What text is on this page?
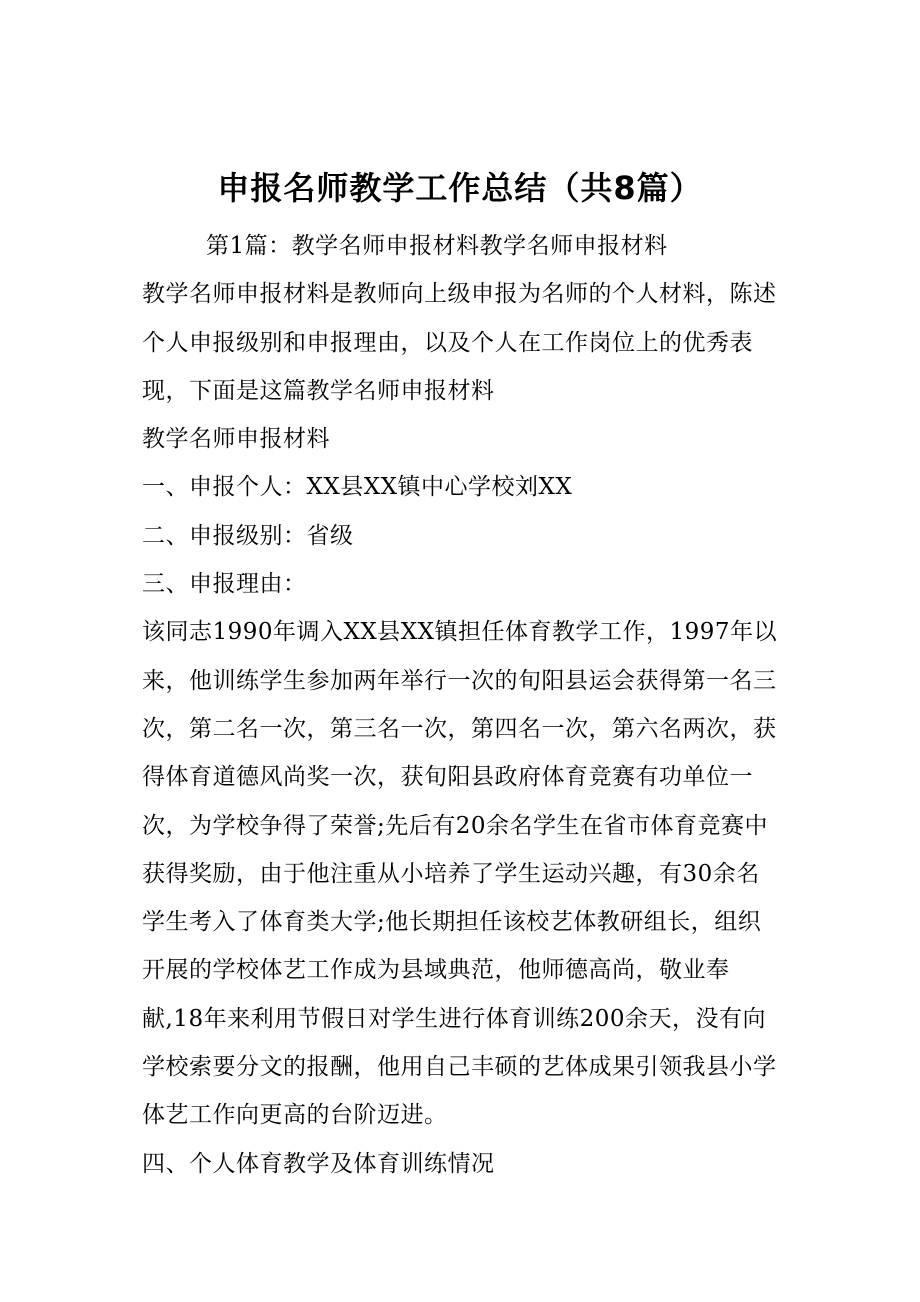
申报名师教学工作总结（共8篇）

第1篇：教学名师申报材料教学名师申报材料

教学名师申报材料是教师向上级申报为名师的个人材料，陈述个人申报级别和申报理由，以及个人在工作岗位上的优秀表现，下面是这篇教学名师申报材料

教学名师申报材料

一、申报个人：XX县XX镇中心学校刘XX

二、申报级别：省级

三、申报理由：

该同志1990年调入XX县XX镇担任体育教学工作，1997年以来，他训练学生参加两年举行一次的旬阳县运会获得第一名三次，第二名一次，第三名一次，第四名一次，第六名两次，获得体育道德风尚奖一次，获旬阳县政府体育竞赛有功单位一次，为学校争得了荣誉;先后有20余名学生在省市体育竞赛中获得奖励，由于他注重从小培养了学生运动兴趣，有30余名学生考入了体育类大学;他长期担任该校艺体教研组长，组织开展的学校体艺工作成为县域典范，他师德高尚，敬业奉献,18年来利用节假日对学生进行体育训练200余天，没有向学校索要分文的报酬，他用自己丰硕的艺体成果引领我县小学体艺工作向更高的台阶迈进。

四、个人体育教学及体育训练情况
